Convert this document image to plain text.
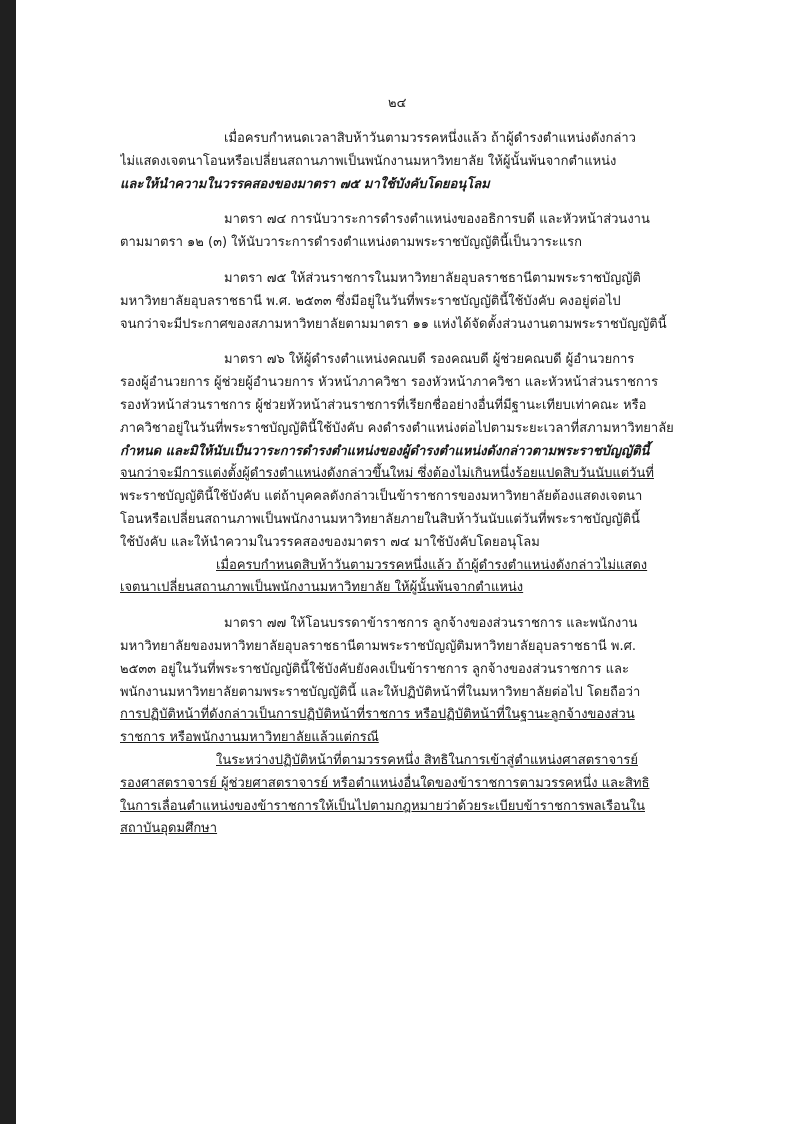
๒๔
เมื่อครบกำหนดเวลาสิบห้าวันตามวรรคหนึ่งแล้ว ถ้าผู้ดำรงตำแหน่งดังกล่าว
ไม่แสดงเจตนาโอนหรือเปลี่ยนสถานภาพเป็นพนักงานมหาวิทยาลัย ให้ผู้นั้นพ้นจากตำแหน่ง
และให้นำความในวรรคสองของมาตรา ๗๕ มาใช้บังคับโดยอนุโลม
มาตรา ๗๔ การนับวาระการดำรงตำแหน่งของอธิการบดี และหัวหน้าส่วนงาน
ตามมาตรา ๑๒ (๓) ให้นับวาระการดำรงตำแหน่งตามพระราชบัญญัตินี้เป็นวาระแรก
มาตรา ๗๕ ให้ส่วนราชการในมหาวิทยาลัยอุบลราชธานีตามพระราชบัญญัติ
มหาวิทยาลัยอุบลราชธานี พ.ศ. ๒๕๓๓ ซึ่งมีอยู่ในวันที่พระราชบัญญัตินี้ใช้บังคับ คงอยู่ต่อไป
จนกว่าจะมีประกาศของสภามหาวิทยาลัยตามมาตรา ๑๑ แห่งได้จัดตั้งส่วนงานตามพระราชบัญญัตินี้
มาตรา ๗๖ ให้ผู้ดำรงตำแหน่งคณบดี รองคณบดี ผู้ช่วยคณบดี ผู้อำนวยการ
รองผู้อำนวยการ ผู้ช่วยผู้อำนวยการ หัวหน้าภาควิชา รองหัวหน้าภาควิชา และหัวหน้าส่วนราชการ
รองหัวหน้าส่วนราชการ ผู้ช่วยหัวหน้าส่วนราชการที่เรียกชื่ออย่างอื่นที่มีฐานะเทียบเท่าคณะ หรือ
ภาควิชาอยู่ในวันที่พระราชบัญญัตินี้ใช้บังคับ คงดำรงตำแหน่งต่อไปตามระยะเวลาที่สภามหาวิทยาลัย
กำหนด และมิให้นับเป็นวาระการดำรงตำแหน่งของผู้ดำรงตำแหน่งดังกล่าวตามพระราชบัญญัตินี้
จนกว่าจะมีการแต่งตั้งผู้ดำรงตำแหน่งดังกล่าวขึ้นใหม่ ซึ่งต้องไม่เกินหนึ่งร้อยแปดสิบวันนับแต่วันที่
พระราชบัญญัตินี้ใช้บังคับ แต่ถ้าบุคคลดังกล่าวเป็นข้าราชการของมหาวิทยาลัยต้องแสดงเจตนา
โอนหรือเปลี่ยนสถานภาพเป็นพนักงานมหาวิทยาลัยภายในสิบห้าวันนับแต่วันที่พระราชบัญญัตินี้
ใช้บังคับ และให้นำความในวรรคสองของมาตรา ๗๔ มาใช้บังคับโดยอนุโลม
เมื่อครบกำหนดสิบห้าวันตามวรรคหนึ่งแล้ว ถ้าผู้ดำรงตำแหน่งดังกล่าวไม่แสดง
เจตนาเปลี่ยนสถานภาพเป็นพนักงานมหาวิทยาลัย ให้ผู้นั้นพ้นจากตำแหน่ง
มาตรา ๗๗ ให้โอนบรรดาข้าราชการ ลูกจ้างของส่วนราชการ และพนักงาน
มหาวิทยาลัยของมหาวิทยาลัยอุบลราชธานีตามพระราชบัญญัติมหาวิทยาลัยอุบลราชธานี พ.ศ.
๒๕๓๓ อยู่ในวันที่พระราชบัญญัตินี้ใช้บังคับยังคงเป็นข้าราชการ ลูกจ้างของส่วนราชการ และ
พนักงานมหาวิทยาลัยตามพระราชบัญญัตินี้ และให้ปฏิบัติหน้าที่ในมหาวิทยาลัยต่อไป โดยถือว่า
การปฏิบัติหน้าที่ดังกล่าวเป็นการปฏิบัติหน้าที่ราชการ หรือปฏิบัติหน้าที่ในฐานะลูกจ้างของส่วน
ราชการ หรือพนักงานมหาวิทยาลัยแล้วแต่กรณี
ในระหว่างปฏิบัติหน้าที่ตามวรรคหนึ่ง สิทธิในการเข้าสู่ตำแหน่งศาสตราจารย์
รองศาสตราจารย์ ผู้ช่วยศาสตราจารย์ หรือตำแหน่งอื่นใดของข้าราชการตามวรรคหนึ่ง และสิทธิ
ในการเลื่อนตำแหน่งของข้าราชการให้เป็นไปตามกฎหมายว่าด้วยระเบียบข้าราชการพลเรือนใน
สถาบันอุดมศึกษา
